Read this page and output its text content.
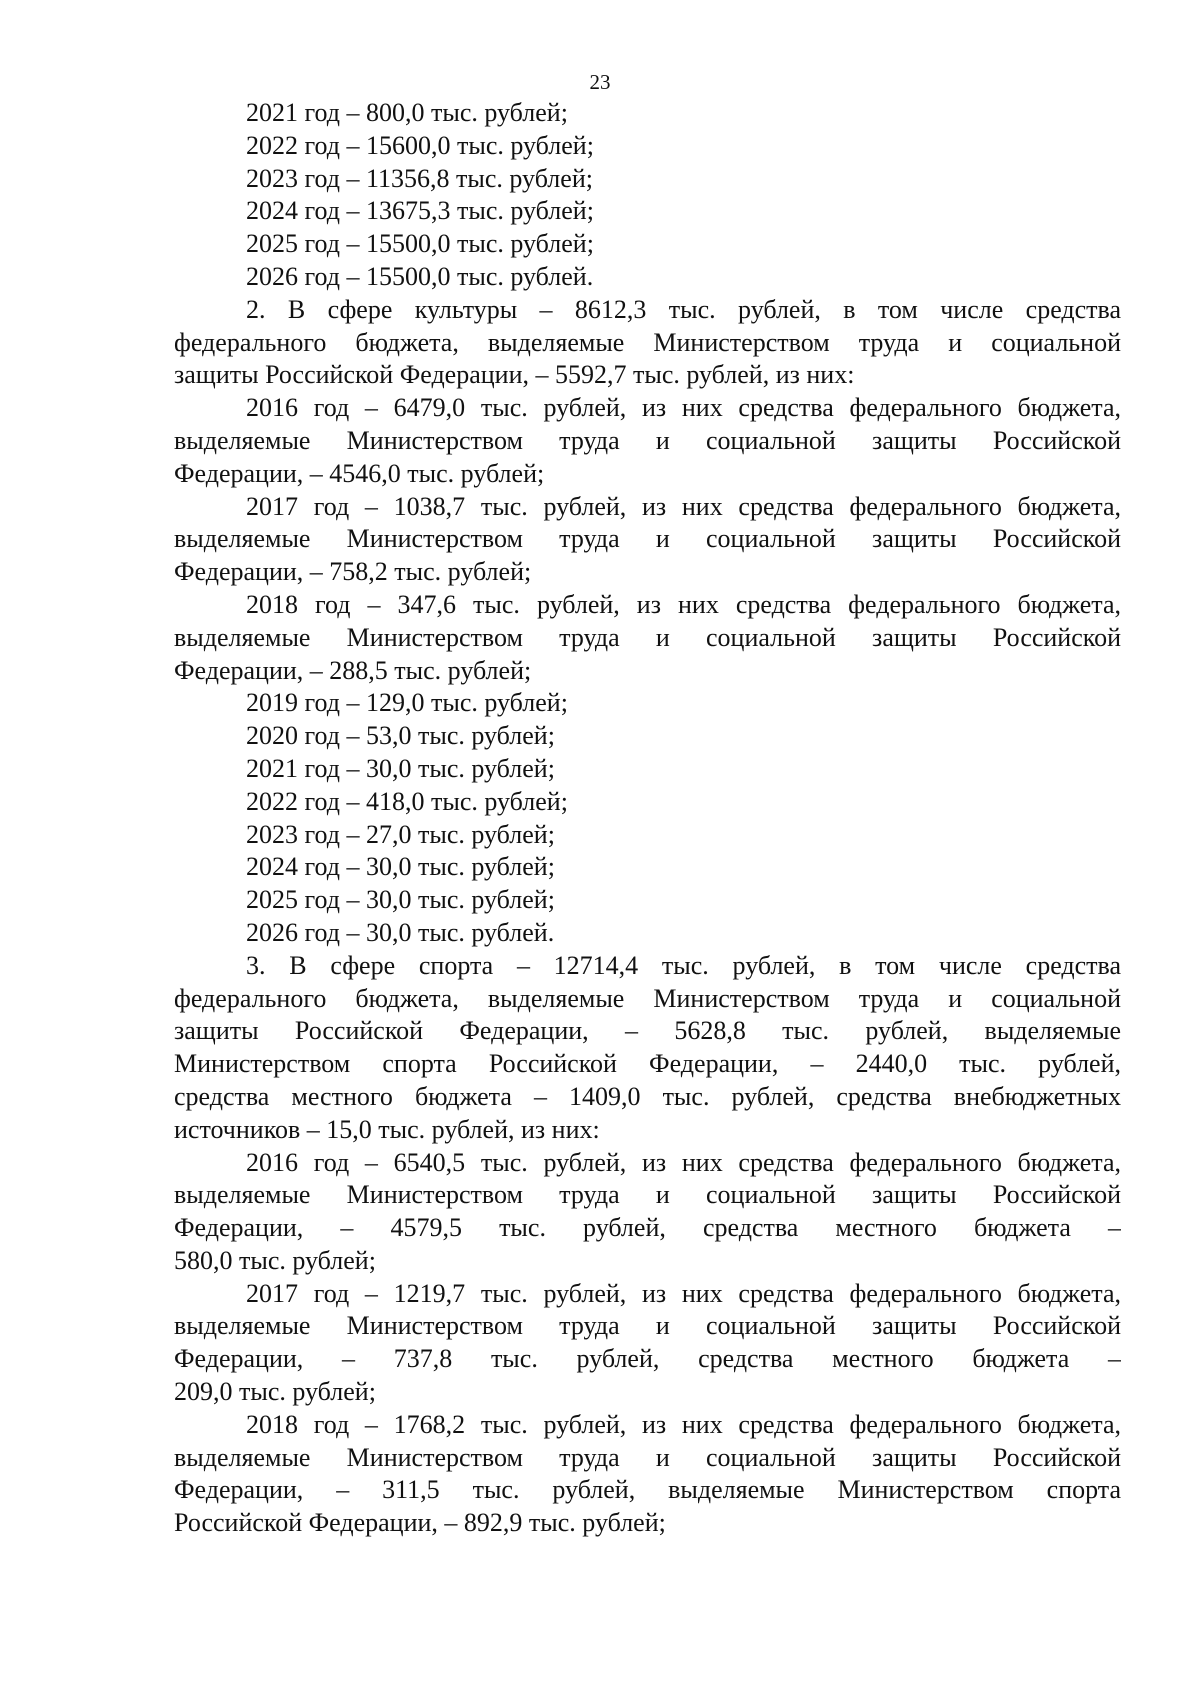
23
2021 год – 800,0 тыс. рублей;
2022 год – 15600,0 тыс. рублей;
2023 год – 11356,8 тыс. рублей;
2024 год – 13675,3 тыс. рублей;
2025 год – 15500,0 тыс. рублей;
2026 год – 15500,0 тыс. рублей.
2. В сфере культуры – 8612,3 тыс. рублей, в том числе средства
федерального бюджета, выделяемые Министерством труда и социальной
защиты Российской Федерации, – 5592,7 тыс. рублей, из них:
2016 год – 6479,0 тыс. рублей, из них средства федерального бюджета,
выделяемые Министерством труда и социальной защиты Российской
Федерации, – 4546,0 тыс. рублей;
2017 год – 1038,7 тыс. рублей, из них средства федерального бюджета,
выделяемые Министерством труда и социальной защиты Российской
Федерации, – 758,2 тыс. рублей;
2018 год – 347,6 тыс. рублей, из них средства федерального бюджета,
выделяемые Министерством труда и социальной защиты Российской
Федерации, – 288,5 тыс. рублей;
2019 год – 129,0 тыс. рублей;
2020 год – 53,0 тыс. рублей;
2021 год – 30,0 тыс. рублей;
2022 год – 418,0 тыс. рублей;
2023 год – 27,0 тыс. рублей;
2024 год – 30,0 тыс. рублей;
2025 год – 30,0 тыс. рублей;
2026 год – 30,0 тыс. рублей.
3. В сфере спорта – 12714,4 тыс. рублей, в том числе средства
федерального бюджета, выделяемые Министерством труда и социальной
защиты Российской Федерации, – 5628,8 тыс. рублей, выделяемые
Министерством спорта Российской Федерации, – 2440,0 тыс. рублей,
средства местного бюджета – 1409,0 тыс. рублей, средства внебюджетных
источников – 15,0 тыс. рублей, из них:
2016 год – 6540,5 тыс. рублей, из них средства федерального бюджета,
выделяемые Министерством труда и социальной защиты Российской
Федерации, – 4579,5 тыс. рублей, средства местного бюджета –
580,0 тыс. рублей;
2017 год – 1219,7 тыс. рублей, из них средства федерального бюджета,
выделяемые Министерством труда и социальной защиты Российской
Федерации, – 737,8 тыс. рублей, средства местного бюджета –
209,0 тыс. рублей;
2018 год – 1768,2 тыс. рублей, из них средства федерального бюджета,
выделяемые Министерством труда и социальной защиты Российской
Федерации, – 311,5 тыс. рублей, выделяемые Министерством спорта
Российской Федерации, – 892,9 тыс. рублей;
